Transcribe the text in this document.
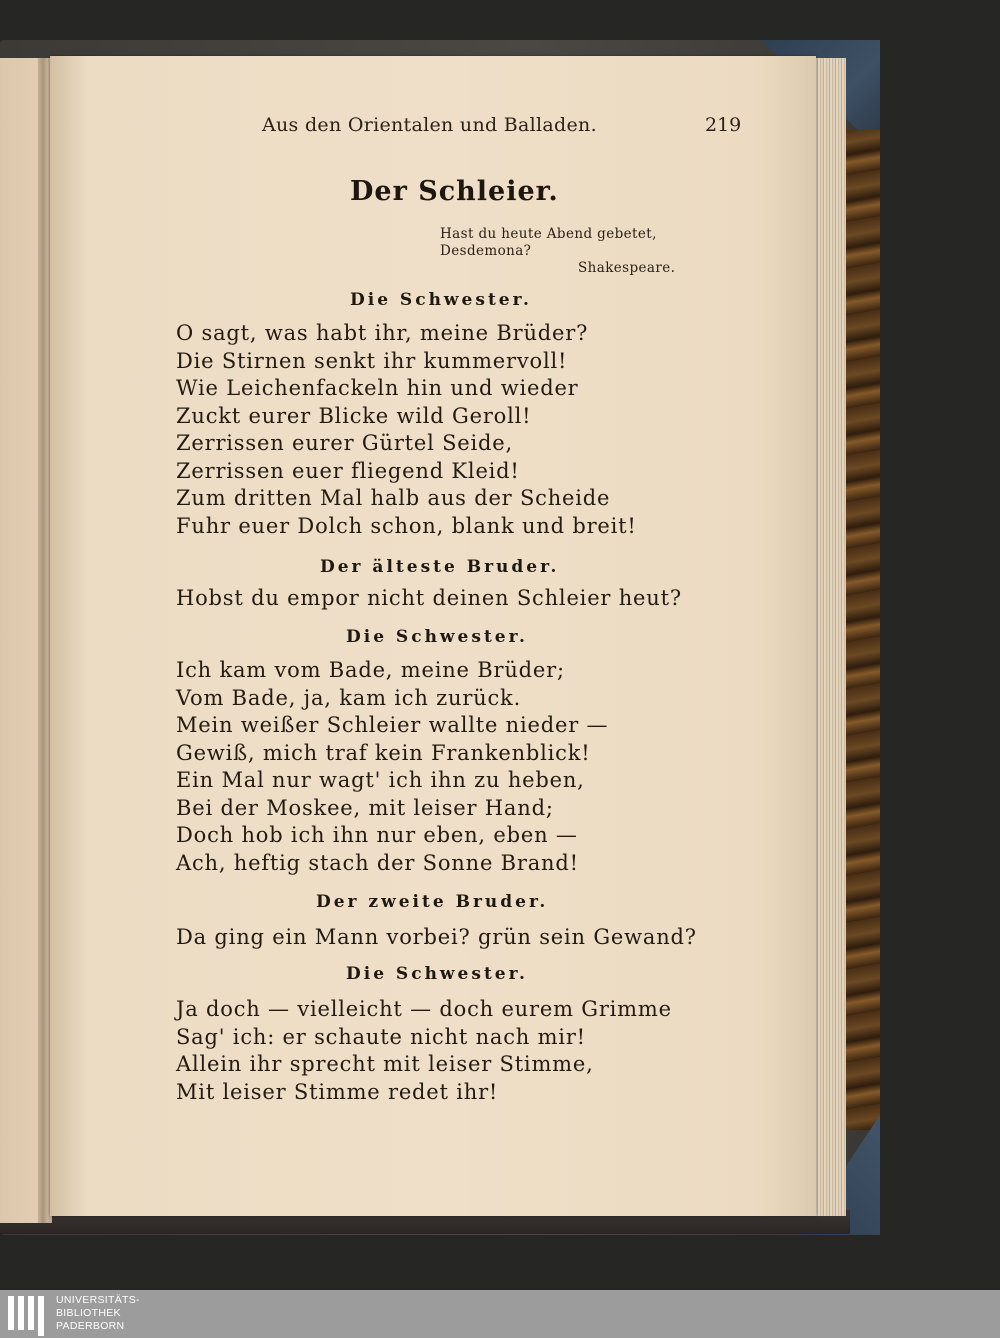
Aus den Orientalen und Balladen.	219
Der Schleier.
Hast du heute Abend gebetet,
Desdemona?
Shakespeare.
Die Schwester.
O sagt, was habt ihr, meine Brüder?
Die Stirnen senkt ihr kummervoll!
Wie Leichenfackeln hin und wieder
Zuckt eurer Blicke wild Geroll!
Zerrissen eurer Gürtel Seide,
Zerrissen euer fliegend Kleid!
Zum dritten Mal halb aus der Scheide
Fuhr euer Dolch schon, blank und breit!
Der älteste Bruder.
Hobst du empor nicht deinen Schleier heut?
Die Schwester.
Ich kam vom Bade, meine Brüder;
Vom Bade, ja, kam ich zurück.
Mein weißer Schleier wallte nieder —
Gewiß, mich traf kein Frankenblick!
Ein Mal nur wagt' ich ihn zu heben,
Bei der Moskee, mit leiser Hand;
Doch hob ich ihn nur eben, eben —
Ach, heftig stach der Sonne Brand!
Der zweite Bruder.
Da ging ein Mann vorbei? grün sein Gewand?
Die Schwester.
Ja doch — vielleicht — doch eurem Grimme
Sag' ich: er schaute nicht nach mir!
Allein ihr sprecht mit leiser Stimme,
Mit leiser Stimme redet ihr!
UNIVERSITÄTS-
BIBLIOTHEK
PADERBORN
